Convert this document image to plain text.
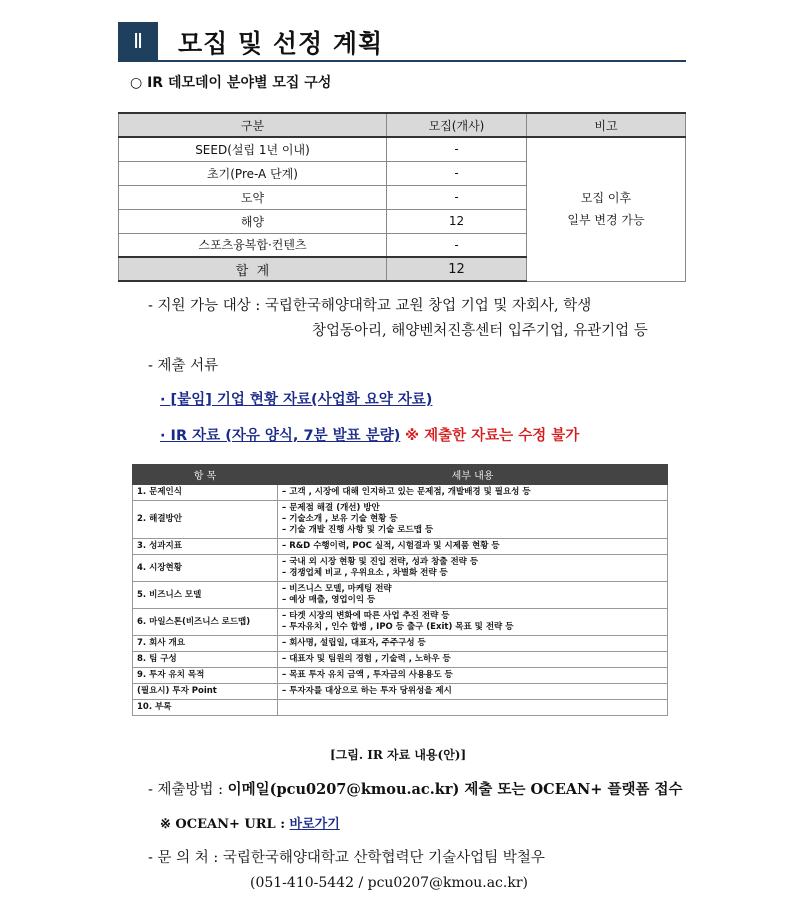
Ⅱ	모집 및 선정 계획
○ IR 데모데이 분야별 모집 구성
구분	모집(개사)	비고
SEED(설립 1년 이내)	-	모집 이후
일부 변경 가능

초기(Pre-A 단계)	-	
도약	-	
해양	12	
스포츠융복합·컨텐츠	-	
합  계	12	
- 지원 가능 대상 : 국립한국해양대학교 교원 창업 기업 및 자회사, 학생
창업동아리, 해양벤처진흥센터 입주기업, 유관기업 등
- 제출 서류
· [붙임] 기업 현황 자료(사업화 요약 자료)
· IR 자료 (자유 양식, 7분 발표 분량) ※ 제출한 자료는 수정 불가
항 목	세부 내용
1. 문제인식	– 고객 , 시장에 대해 인지하고 있는 문제점, 개발배경 및 필요성 등

2. 해결방안	– 문제점 해결 (개선) 방안
– 기술소개 , 보유 기술 현황 등
– 기술 개발 진행 사항 및 기술 로드맵 등

3. 성과지표	– R&D 수행이력, POC 실적, 시험결과 및 시제품 현황 등

4. 시장현황	– 국내 외 시장 현황 및 진입 전략, 성과 창출 전략 등
– 경쟁업체 비교 , 우위요소 , 차별화 전략 등

5. 비즈니스 모델	– 비즈니스 모델, 마케팅 전략
– 예상 매출, 영업이익 등

6. 마일스톤(비즈니스 로드맵)	– 타겟 시장의 변화에 따른 사업 추진 전략 등
– 투자유치 , 인수 합병 , IPO 등 출구 (Exit) 목표 및 전략 등

7. 회사 개요	– 회사명, 설립일, 대표자, 주주구성 등

8. 팀 구성	– 대표자 및 팀원의 경험 , 기술력 , 노하우 등

9. 투자 유치 목적	– 목표 투자 유치 금액 , 투자금의 사용용도 등

(필요시) 투자 Point	– 투자자를 대상으로 하는 투자 당위성을 제시

10. 부록	
[그림. IR 자료 내용(안)]
- 제출방법 : 이메일(pcu0207@kmou.ac.kr) 제출 또는 OCEAN+ 플랫폼 접수
※ OCEAN+ URL : 바로가기
- 문 의 처 : 국립한국해양대학교 산학협력단 기술사업팀 박철우
(051-410-5442 / pcu0207@kmou.ac.kr)
